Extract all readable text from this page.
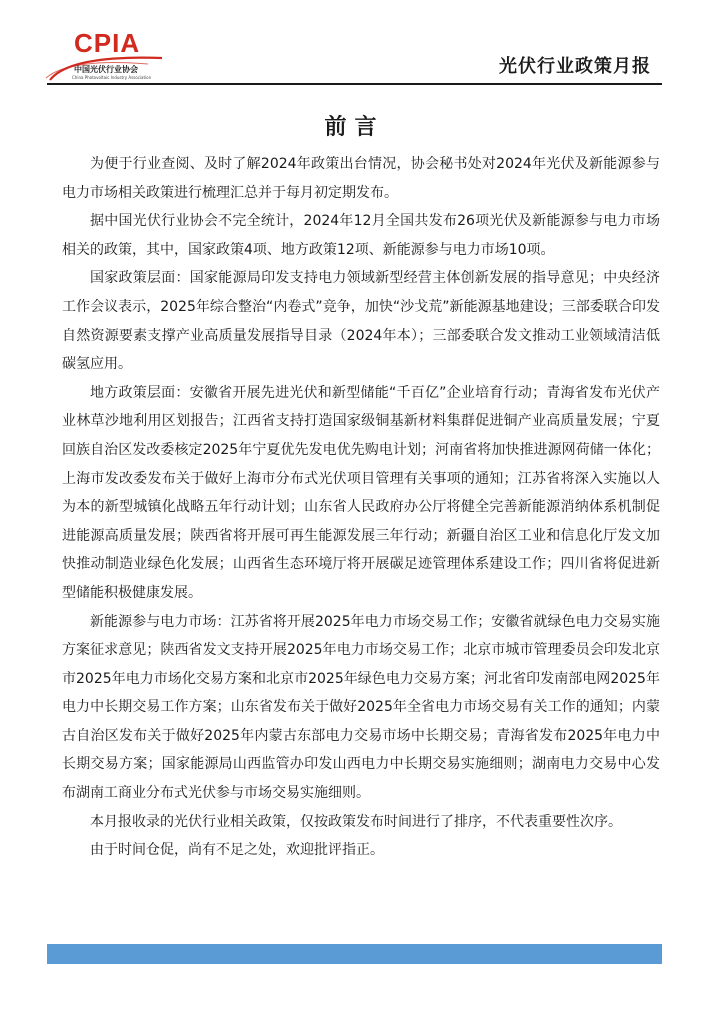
CPIA
中国光伏行业协会
China Photovoltaic Industry Association
光伏行业政策月报
前言

为便于行业查阅、及时了解2024年政策出台情况，协会秘书处对2024年光伏及新能源参与电力市场相关政策进行梳理汇总并于每月初定期发布。

据中国光伏行业协会不完全统计，2024年12月全国共发布26项光伏及新能源参与电力市场相关的政策，其中，国家政策4项、地方政策12项、新能源参与电力市场10项。

国家政策层面：国家能源局印发支持电力领域新型经营主体创新发展的指导意见；中央经济工作会议表示，2025年综合整治“内卷式”竞争，加快“沙戈荒”新能源基地建设；三部委联合印发自然资源要素支撑产业高质量发展指导目录（2024年本）；三部委联合发文推动工业领域清洁低碳氢应用。

地方政策层面：安徽省开展先进光伏和新型储能“千百亿”企业培育行动；青海省发布光伏产业林草沙地利用区划报告；江西省支持打造国家级铜基新材料集群促进铜产业高质量发展；宁夏回族自治区发改委核定2025年宁夏优先发电优先购电计划；河南省将加快推进源网荷储一体化；上海市发改委发布关于做好上海市分布式光伏项目管理有关事项的通知；江苏省将深入实施以人为本的新型城镇化战略五年行动计划；山东省人民政府办公厅将健全完善新能源消纳体系机制促进能源高质量发展；陕西省将开展可再生能源发展三年行动；新疆自治区工业和信息化厅发文加快推动制造业绿色化发展；山西省生态环境厅将开展碳足迹管理体系建设工作；四川省将促进新型储能积极健康发展。

新能源参与电力市场：江苏省将开展2025年电力市场交易工作；安徽省就绿色电力交易实施方案征求意见；陕西省发文支持开展2025年电力市场交易工作；北京市城市管理委员会印发北京市2025年电力市场化交易方案和北京市2025年绿色电力交易方案；河北省印发南部电网2025年电力中长期交易工作方案；山东省发布关于做好2025年全省电力市场交易有关工作的通知；内蒙古自治区发布关于做好2025年内蒙古东部电力交易市场中长期交易；青海省发布2025年电力中长期交易方案；国家能源局山西监管办印发山西电力中长期交易实施细则；湖南电力交易中心发布湖南工商业分布式光伏参与市场交易实施细则。

本月报收录的光伏行业相关政策，仅按政策发布时间进行了排序，不代表重要性次序。

由于时间仓促，尚有不足之处，欢迎批评指正。
